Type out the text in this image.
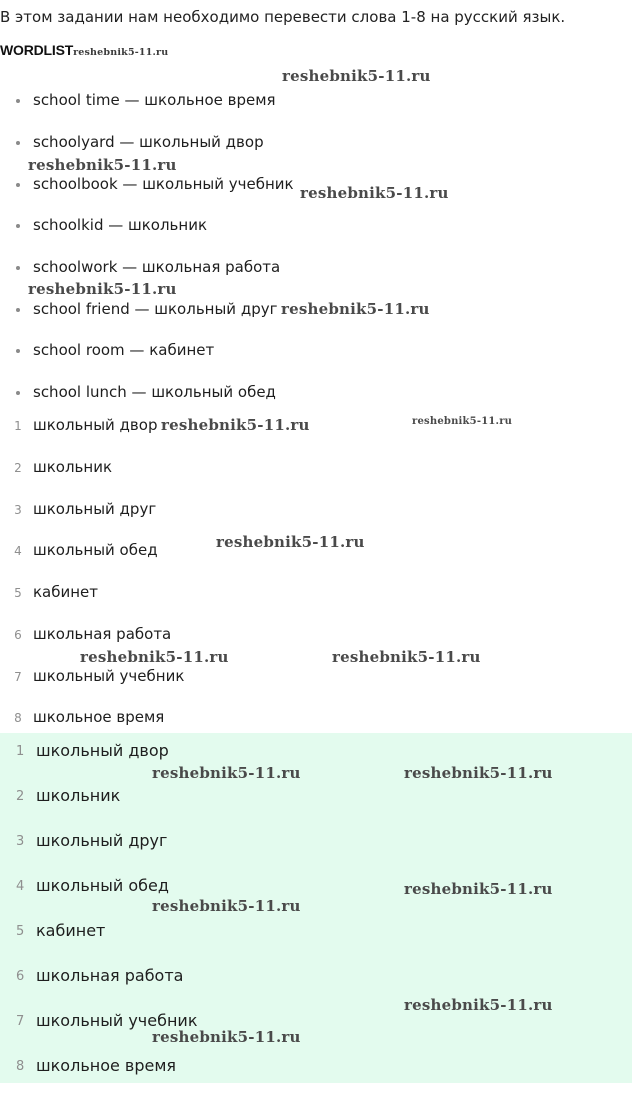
В этом задании нам необходимо перевести слова 1-8 на русский язык.
WORDLISTreshebnik5-11.ru
school time — школьное время
schoolyard — школьный двор
schoolbook — школьный учебник
schoolkid — школьник
schoolwork — школьная работа
school friend — школьный друг
school room — кабинет
school lunch — школьный обед
1 школьный двор
2 школьник
3 школьный друг
4 школьный обед
5 кабинет
6 школьная работа
7 школьный учебник
8 школьное время
1 школьный двор
2 школьник
3 школьный друг
4 школьный обед
5 кабинет
6 школьная работа
7 школьный учебник
8 школьное время
reshebnik5-11.ru
reshebnik5-11.ru
reshebnik5-11.ru
reshebnik5-11.ru
reshebnik5-11.ru
reshebnik5-11.ru	reshebnik5-11.ru
reshebnik5-11.ru
reshebnik5-11.ru	reshebnik5-11.ru
reshebnik5-11.ru	reshebnik5-11.ru
reshebnik5-11.ru
reshebnik5-11.ru
reshebnik5-11.ru
reshebnik5-11.ru
